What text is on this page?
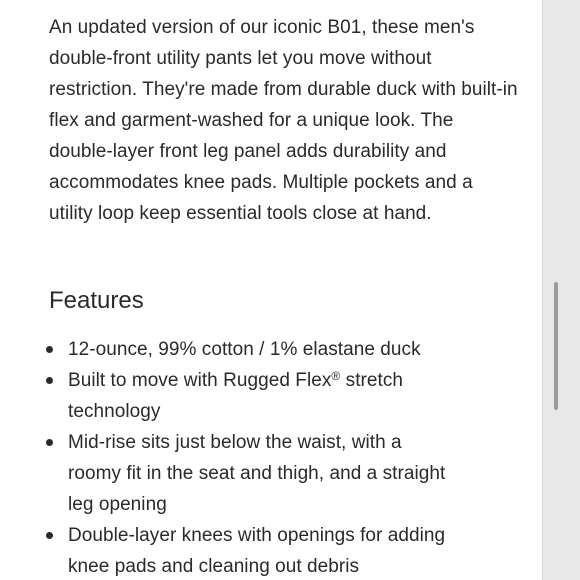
An updated version of our iconic B01, these men's double-front utility pants let you move without restriction. They're made from durable duck with built-in flex and garment-washed for a unique look. The double-layer front leg panel adds durability and accommodates knee pads. Multiple pockets and a utility loop keep essential tools close at hand.

Features
12-ounce, 99% cotton / 1% elastane duck
Built to move with Rugged Flex® stretch technology
Mid-rise sits just below the waist, with a roomy fit in the seat and thigh, and a straight leg opening
Double-layer knees with openings for adding knee pads and cleaning out debris
